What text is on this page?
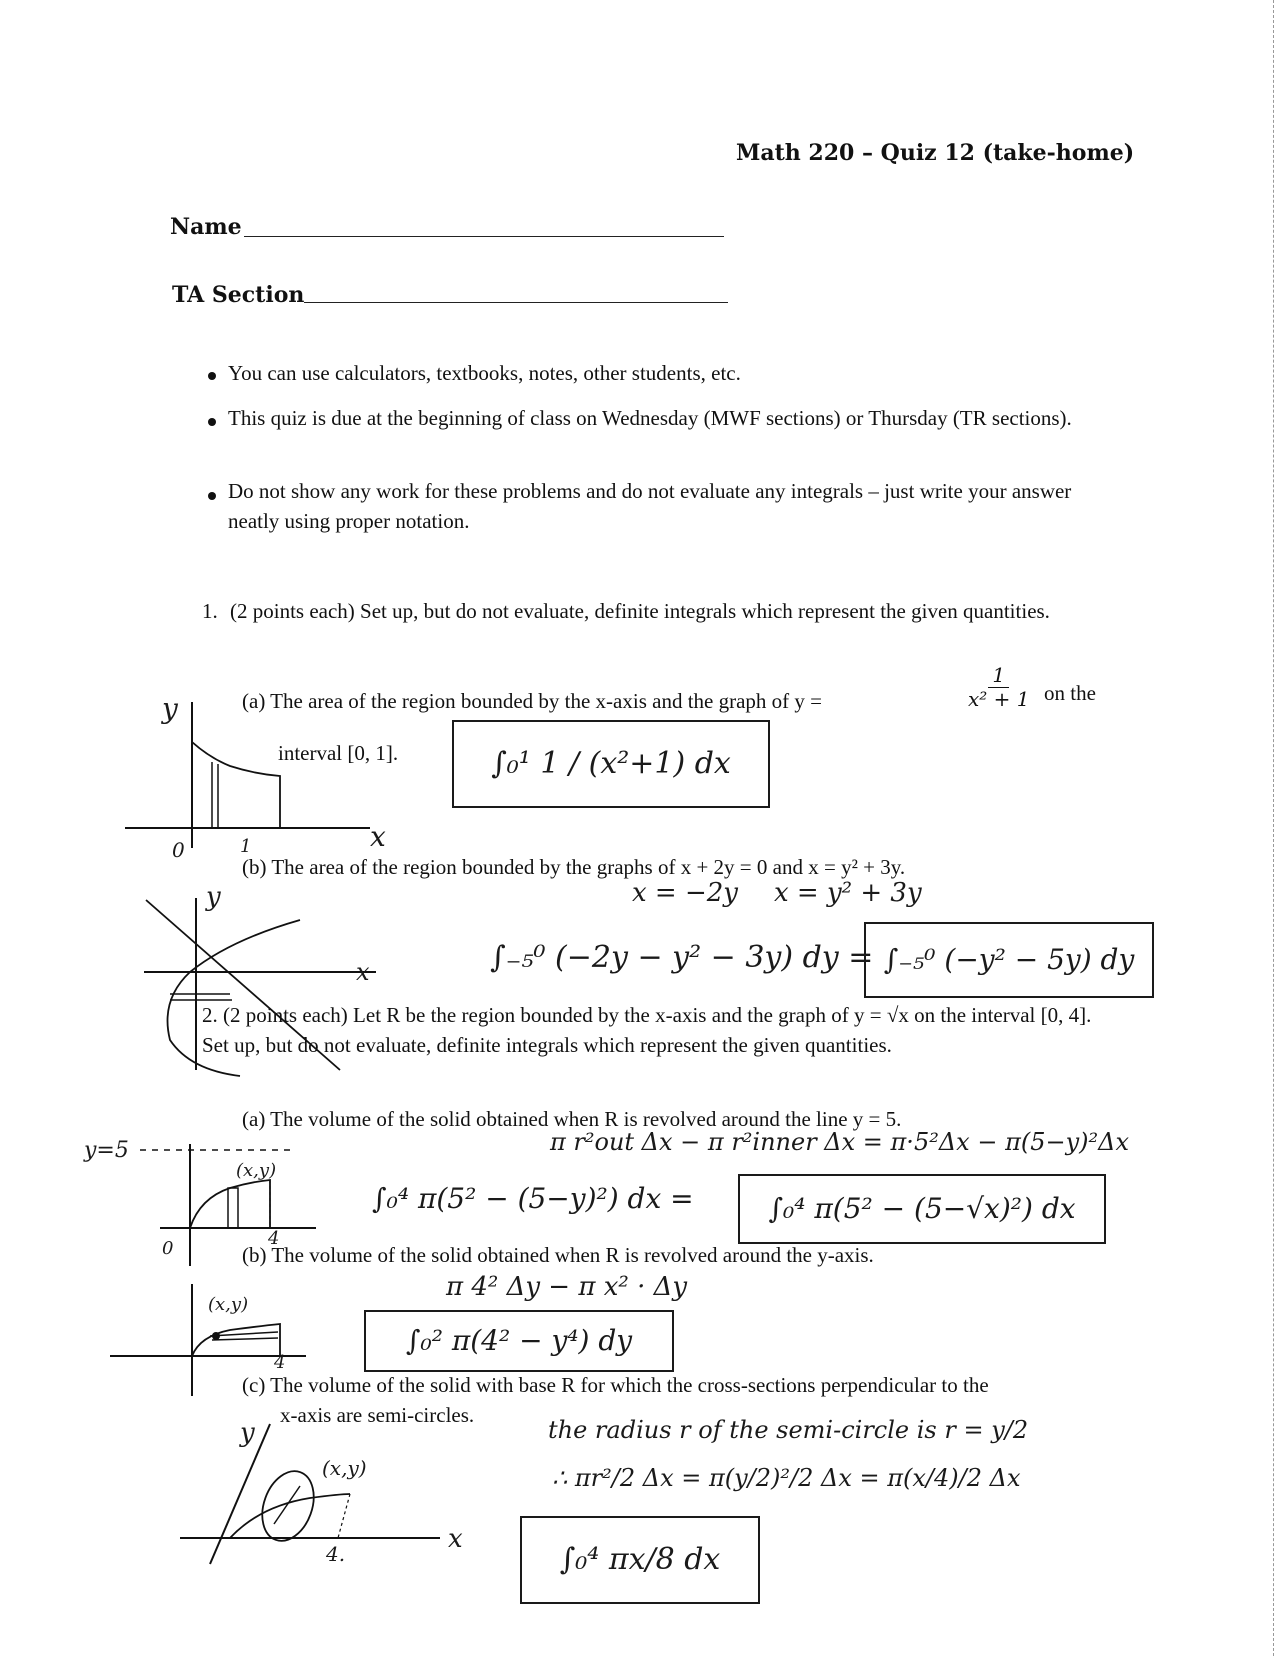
Math 220 – Quiz 12 (take-home)
Name
TA Section
You can use calculators, textbooks, notes, other students, etc.
This quiz is due at the beginning of class on Wednesday (MWF sections) or Thursday (TR sections).
Do not show any work for these problems and do not evaluate any integrals – just write your answer neatly using proper notation.
1. (2 points each) Set up, but do not evaluate, definite integrals which represent the given quantities.
(a) The area of the region bounded by the x-axis and the graph of y =	$\frac{1}{\text{x² + 1}}$ on the
interval [0, 1].	∫₀¹ 1 / (x²+1) dx
y
x
0	1
(b) The area of the region bounded by the graphs of x + 2y = 0 and x = y² + 3y.
x = −2y x = y² + 3y
∫₋₅⁰ (−2y − y² − 3y) dy = ∫₋₅⁰ (−y² − 5y) dy
y
x
2. (2 points each) Let R be the region bounded by the x-axis and the graph of y = √x on the interval [0, 4]. Set up, but do not evaluate, definite integrals which represent the given quantities.
(a) The volume of the solid obtained when R is revolved around the line y = 5.
π r²out Δx − π r²inner Δx = π·5²Δx − π(5−y)²Δx
∫₀⁴ π(5² − (5−y)²) dx =	∫₀⁴ π(5² − (5−√x)²) dx
y=5
(x,y)
4
0	(b) The volume of the solid obtained when R is revolved around the y-axis.
π 4² Δy − π x² · Δy
∫₀² π(4² − y⁴) dy
(x,y)
4
(c) The volume of the solid with base R for which the cross-sections perpendicular to the
x-axis are semi-circles.
the radius r of the semi-circle is r = y/2
∴ πr²/2 Δx = π(y/2)²/2 Δx = π(x/4)/2 Δx
∫₀⁴ πx/8 dx
y
x
(x,y)
4.
